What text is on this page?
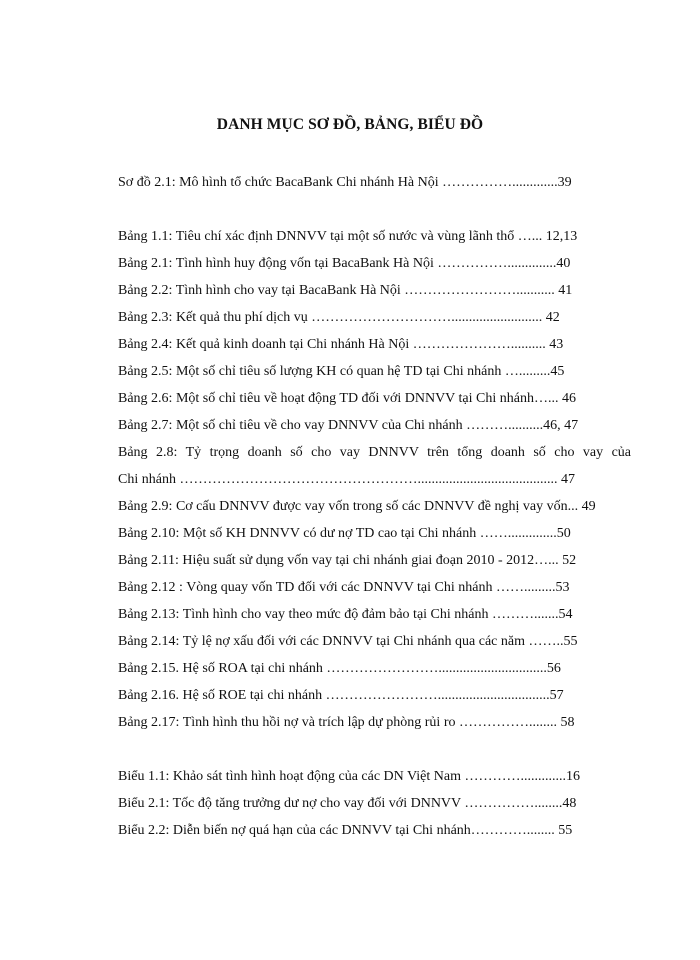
DANH MỤC SƠ ĐỒ, BẢNG, BIỂU ĐỒ
Sơ đồ 2.1: Mô hình tổ chức BacaBank Chi nhánh Hà Nội …………….............39
Bảng 1.1: Tiêu chí xác định DNNVV tại một số nước và vùng lãnh thổ …... 12,13
Bảng 2.1: Tình hình huy động vốn tại BacaBank Hà Nội ……………..............40
Bảng 2.2: Tình hình cho vay tại BacaBank Hà Nội ……………………........... 41
Bảng 2.3: Kết quả thu phí dịch vụ ………………………….......................... 42
Bảng 2.4: Kết quả kinh doanh tại Chi nhánh Hà Nội ………………….......... 43
Bảng 2.5: Một số chỉ tiêu số lượng KH có quan hệ TD tại Chi nhánh ….........45
Bảng 2.6: Một số chỉ tiêu về hoạt động TD đối với DNNVV tại Chi nhánh…... 46
Bảng 2.7: Một số chỉ tiêu về cho vay DNNVV của Chi nhánh ………..........46, 47
Bảng 2.8: Tỷ trọng doanh số cho vay DNNVV trên tổng doanh số cho vay của
Chi nhánh ……………………………………………........................................ 47
Bảng 2.9: Cơ cấu DNNVV được vay vốn trong số các DNNVV đề nghị vay vốn... 49
Bảng 2.10: Một số KH DNNVV có dư nợ TD cao tại Chi nhánh ……..............50
Bảng 2.11: Hiệu suất sử dụng vốn vay tại chi nhánh giai đoạn 2010 - 2012…... 52
Bảng 2.12 : Vòng quay vốn TD đối với các DNNVV tại Chi nhánh …….........53
Bảng 2.13: Tình hình cho vay theo mức độ đảm bảo tại Chi nhánh ……….......54
Bảng 2.14: Tỷ lệ nợ xấu đối với các DNNVV tại Chi nhánh qua các năm ……..55
Bảng 2.15. Hệ số ROA tại chi nhánh ……………………...............................56
Bảng 2.16. Hệ số ROE tại chi nhánh ……………………................................57
Bảng 2.17: Tình hình thu hồi nợ và trích lập dự phòng rủi ro ……………........ 58
Biểu 1.1: Khảo sát tình hình hoạt động của các DN Việt Nam ………….............16
Biểu 2.1: Tốc độ tăng trưởng dư nợ cho vay đối với DNNVV ……………........48
Biểu 2.2: Diễn biến nợ quá hạn của các DNNVV tại Chi nhánh…………........ 55
